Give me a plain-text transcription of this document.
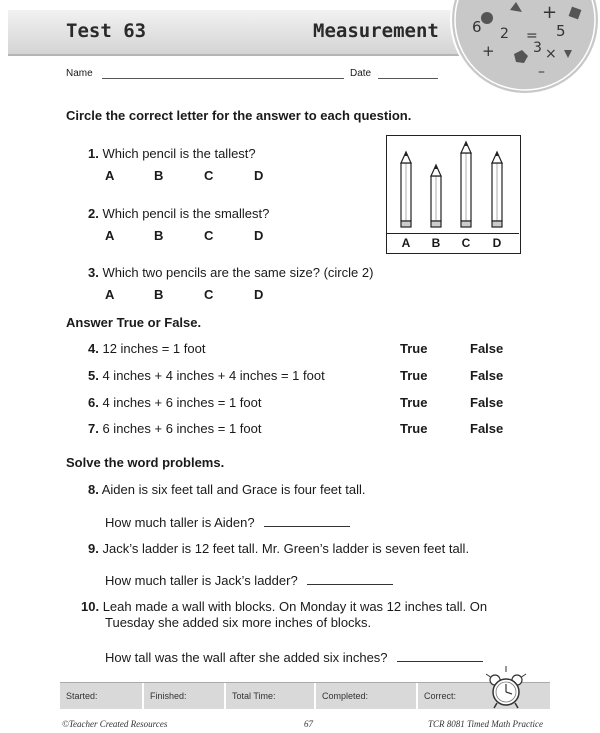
Test 63	Measurement 6
+
2 = 5
+	3 ×
–
Name	Date
Circle the correct letter for the answer to each question.
1. Which pencil is the tallest?
A	B	C	D
2. Which pencil is the smallest?
A	B	C	D
3. Which two pencils are the same size? (circle 2)
A	B	C	D
A	B	C	D
Answer True or False.
4. 12 inches = 1 foot	True	False
5. 4 inches + 4 inches + 4 inches = 1 foot	True	False
6. 4 inches + 6 inches = 1 foot	True	False
7. 6 inches + 6 inches = 1 foot	True	False
Solve the word problems.
8. Aiden is six feet tall and Grace is four feet tall.
How much taller is Aiden?
9. Jack’s ladder is 12 feet tall. Mr. Green’s ladder is seven feet tall.
How much taller is Jack’s ladder?
10. Leah made a wall with blocks. On Monday it was 12 inches tall. On
Tuesday she added six more inches of blocks.
How tall was the wall after she added six inches?
Started:	Finished:	Total Time:	Completed:	Correct:
©Teacher Created Resources	67	TCR 8081 Timed Math Practice
